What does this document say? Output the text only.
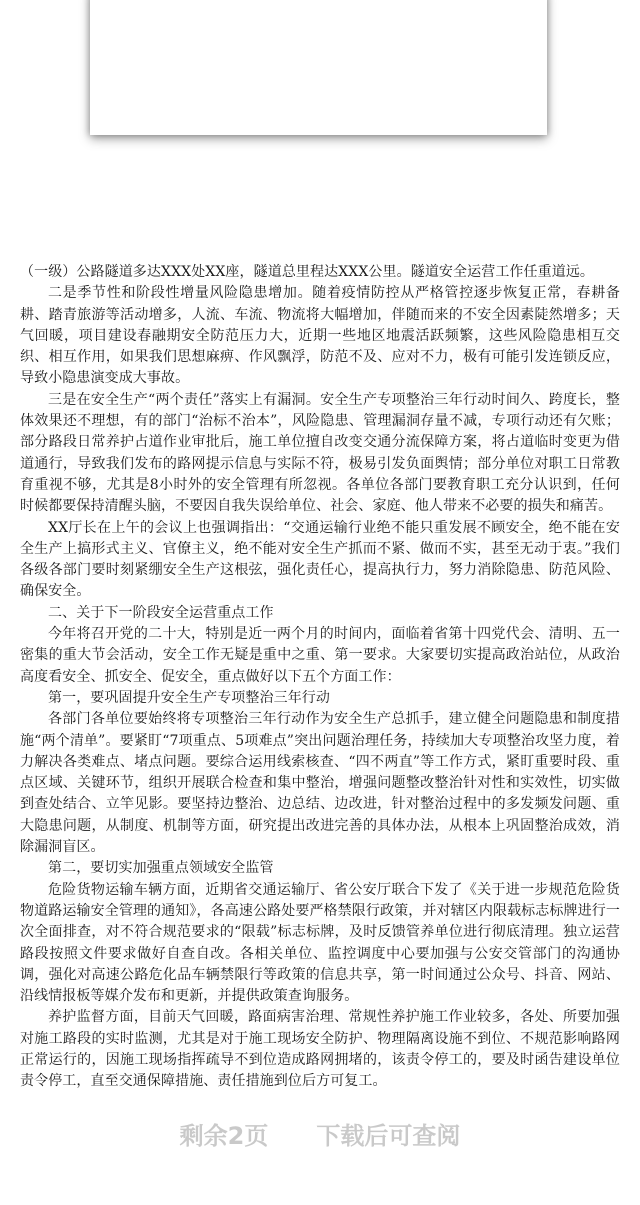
（一级）公路隧道多达XXX处XX座，隧道总里程达XXX公里。隧道安全运营工作任重道远。

二是季节性和阶段性增量风险隐患增加。随着疫情防控从严格管控逐步恢复正常，春耕备耕、踏青旅游等活动增多，人流、车流、物流将大幅增加，伴随而来的不安全因素陡然增多；天气回暖，项目建设春融期安全防范压力大，近期一些地区地震活跃频繁，这些风险隐患相互交织、相互作用，如果我们思想麻痹、作风飘浮，防范不及、应对不力，极有可能引发连锁反应，导致小隐患演变成大事故。

三是在安全生产“两个责任”落实上有漏洞。安全生产专项整治三年行动时间久、跨度长，整体效果还不理想，有的部门“治标不治本”，风险隐患、管理漏洞存量不减，专项行动还有欠账；部分路段日常养护占道作业审批后，施工单位擅自改变交通分流保障方案，将占道临时变更为借道通行，导致我们发布的路网提示信息与实际不符，极易引发负面舆情；部分单位对职工日常教育重视不够，尤其是8小时外的安全管理有所忽视。各单位各部门要教育职工充分认识到，任何时候都要保持清醒头脑，不要因自我失误给单位、社会、家庭、他人带来不必要的损失和痛苦。

XX厅长在上午的会议上也强调指出：“交通运输行业绝不能只重发展不顾安全，绝不能在安全生产上搞形式主义、官僚主义，绝不能对安全生产抓而不紧、做而不实，甚至无动于衷。”我们各级各部门要时刻紧绷安全生产这根弦，强化责任心，提高执行力，努力消除隐患、防范风险、确保安全。

二、关于下一阶段安全运营重点工作

今年将召开党的二十大，特别是近一两个月的时间内，面临着省第十四党代会、清明、五一密集的重大节会活动，安全工作无疑是重中之重、第一要求。大家要切实提高政治站位，从政治高度看安全、抓安全、促安全，重点做好以下五个方面工作：

第一，要巩固提升安全生产专项整治三年行动

各部门各单位要始终将专项整治三年行动作为安全生产总抓手，建立健全问题隐患和制度措施“两个清单”。要紧盯“7项重点、5项难点”突出问题治理任务，持续加大专项整治攻坚力度，着力解决各类难点、堵点问题。要综合运用线索核查、“四不两直”等工作方式，紧盯重要时段、重点区域、关键环节，组织开展联合检查和集中整治，增强问题整改整治针对性和实效性，切实做到查处结合、立竿见影。要坚持边整治、边总结、边改进，针对整治过程中的多发频发问题、重大隐患问题，从制度、机制等方面，研究提出改进完善的具体办法，从根本上巩固整治成效，消除漏洞盲区。

第二，要切实加强重点领域安全监管

危险货物运输车辆方面，近期省交通运输厅、省公安厅联合下发了《关于进一步规范危险货物道路运输安全管理的通知》，各高速公路处要严格禁限行政策，并对辖区内限载标志标牌进行一次全面排查，对不符合规范要求的“限载”标志标牌，及时反馈管养单位进行彻底清理。独立运营路段按照文件要求做好自查自改。各相关单位、监控调度中心要加强与公安交管部门的沟通协调，强化对高速公路危化品车辆禁限行等政策的信息共享，第一时间通过公众号、抖音、网站、沿线情报板等媒介发布和更新，并提供政策查询服务。

养护监督方面，目前天气回暖，路面病害治理、常规性养护施工作业较多，各处、所要加强对施工路段的实时监测，尤其是对于施工现场安全防护、物理隔离设施不到位、不规范影响路网正常运行的，因施工现场指挥疏导不到位造成路网拥堵的，该责令停工的，要及时函告建设单位责令停工，直至交通保障措施、责任措施到位后方可复工。

剩余2页 下载后可查阅
